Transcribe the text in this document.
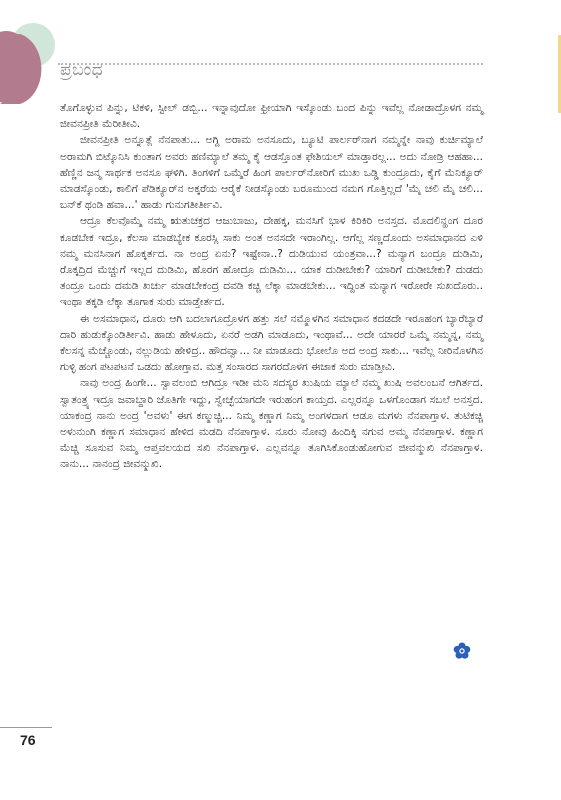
ಪ್ರಬಂಧ

ತೊಗೊಳ್ಳುವ ಪಿನ್ನು, ಟಿಕಳಿ, ಸ್ಟೀಲ್ ಡಬ್ಬಿ... ಇನ್ನಾವುದೋ ಫ್ರೀಯಾಗಿ ಇಸ್ಕೊಂಡು ಬಂದ ಪಿನ್ನು ಇವೆಲ್ಲ ನೋಡಾದ್ರೊಳಗ ನಮ್ಮ ಜೀವನಪ್ರೀತಿ ಮೆರೀತೀವಿ.

ಜೀವನಪ್ರೀತಿ ಅನ್ನೂತ್ಲೆ ನೆನಪಾತು... ಅಗ್ದಿ ಅರಾಮ ಅನಸೂದು, ಬ್ಯೂಟಿ ಪಾರ್ಲರ್‌ನಾಗ ನಮ್ಮನ್ನೇ ನಾವು ಕುರ್ಚಿಮ್ಯಾಲೆ ಅರಾಮಗಿ ಬಿಟ್ಕೊನಿಸಿ ಕುಂತಾಗ ಅವರು ಹಣಿಮ್ಯಾಲೆ ತಮ್ಮ ಕೈ ಆಡಸ್ತೊಂತ ಫೇಶಿಯಲ್ ಮಾಡ್ತಾರಲ್ಲ... ಅದು ನೋಡ್ರಿ ಆಹಹಾ... ಹೆಣ್ಣಿನ ಜನ್ಮ ಸಾರ್ಥಕ ಅನಸೂ ಘಳಿಗಿ. ತಿಂಗಳಿಗೆ ಒಮ್ಮೆರೆ ಹಿಂಗ ಪಾರ್ಲರ್‌ನೋರಿಗೆ ಮುಖ ಒಡ್ಡಿ ಕುಂದ್ರೂದು, ಕೈಗೆ ಮೆನಿಕ್ಯೂರ್ ಮಾಡಸ್ಕೊಂಡು, ಕಾಲಿಗೆ ಪೆಡಿಕ್ಯೂರ್‌ನ ಅಕ್ಕರೆಯ ಆರೈಕೆ ನೀಡಸ್ಕೊಂಡು ಬರೂಮುಂದ ನಮಗ ಗೊತ್ತಿಲ್ಲದೆ 'ಮೈ ಚಲಿ ಮೈ ಚಲಿ... ಬನ್‌ಕೆ ಥಂಡಿ ಹವಾ...' ಹಾಡು ಗುನುಗತೀರ್ತೀವಿ.

ಆದ್ರೂ ಕೆಲವೊಮ್ಮೆ ನಮ್ಮ ಋತುಚಕ್ರದ ಆಜುಬಾಜು, ದೇಹಕ್ಕ, ಮನಸಿಗೆ ಭಾಳ ಕಿರಿಕಿರಿ ಅನಸ್ತದ. ಮೊದಲಿನ್ಹಂಗ ದೂರ ಕೂಡಬೇಕ ಇದ್ರೂ, ಕೆಲಸಾ ಮಾಡಬ್ಯೇಕ ಕೂರಸ್ಲಿ ಸಾಕು ಅಂತ ಅನಸದೇ ಇರಾಂಗಿಲ್ಲ. ಆಗೆಲ್ಲ ಸಣ್ಣದೊಂದು ಅಸಮಾಧಾನದ ಎಳಿ ನಮ್ಮ ಮನಸಿನಾಗ ಹೊಕ್ಕರ್ತದ. ನಾ ಅಂದ್ರ ಏನು? ಇಷ್ಟೇನಾ..? ದುಡಿಯುವ ಯಂತ್ರವಾ...? ಮನ್ಯಾಗ ಬಂದ್ರೂ ದುಡಿಮಿ, ರೊಕ್ಕದ್ರಿದ ಮೆಚ್ಚುಗೆ ಇಲ್ಲದ ದುಡಿಮಿ, ಹೊರಗ ಹೋದ್ರೂ ದುಡಿಮಿ... ಯಾಕ ದುಡೀಬೇಕು? ಯಾರಿಗೆ ದುಡೀಬೇಕು? ದುಡದು ತಂದ್ರೂ ಒಂದು ದಮಡಿ ಖರ್ಚು ಮಾಡಬೇಕಂದ್ರ ದವಡಿ ಕಚ್ಚಿ ಲೆಕ್ಕಾ ಮಾಡಬೇಕು... ಇದ್ದಿಂತ ಮನ್ಯಾಗ ಇರೋರೇ ಸುಖದೊರು.. ಇಂಥಾ ತಕ್ಕಡಿ ಲೆಕ್ಕಾ ತೂಗಾಕ ಸುರು ಮಾಡ್ತೇರ್ತದ.

ಈ ಅಸಮಾಧಾನ, ದೂರು ಆಗಿ ಬದಲಾಗೂದ್ರೊಳಗ ಹತ್ತು ಸಲೆ ನಮ್ಮೊಳಗಿನ ಸಮಾಧಾನ ಕದಡದೇ ಇರೂಹಂಗ ಬ್ಯಾರೆಬ್ಯಾರೆ ದಾರಿ ಹುಡುಕ್ಕೊಂಡಿರ್ತೀವಿ. ಹಾಡು ಹೇಳೂದು, ಏನರೆ ಅಡಗಿ ಮಾಡೂದು, ಇಂಥಾವೆ... ಅದೇ ಯಾರರೆ ಒಮ್ಮೆ ನಮ್ಮನ್ನ, ನಮ್ಮ ಕೆಲಸನ್ನ ಮೆಚ್ಚೊಂಡು, ನಲ್ಲುಡಿಯ ಹೇಳಿದ್ರ.. ಹೌದವ್ವಾ... ನೀ ಮಾಡೂದು ಭೋಲೊ ಅದ ಅಂದ್ರ ಸಾಕು... ಇವೆಲ್ಲ ನೀರಿನೊಳಗಿನ ಗುಳ್ಳಿ ಹಂಗ ಪಟಪಟನೆ ಒಡದು ಹೋಗ್ತಾವ. ಮತ್ತ ಸಂಸಾರದ ಸಾಗರದೊಳಗ ಈಜಾಕ ಸುರು ಮಾಡ್ತೀವಿ.

ನಾವು ಅಂದ್ರ ಹಿಂಗೇ... ಸ್ವಾವಲಂಬಿ ಆಗಿದ್ರೂ ಇಡೀ ಮನಿ ಸದಸ್ಯರ ಖುಷಿಯ ಮ್ಯಾಲೆ ನಮ್ಮ ಖುಷಿ ಅವಲಂಬನೆ ಆಗಿರ್ತದ. ಸ್ವಾತಂತ್ರ್ಯ ಇದ್ರೂ ಜವಾಬ್ದಾರಿ ಜೊತಿಗೇ ಇದ್ದು, ಸ್ವೇಚ್ಛೆಯಾಗದೇ ಇರುಹಂಗ ಕಾಯ್ತದ. ಎಲ್ಲರನ್ನೂ ಒಳಗೊಂಡಾಗ ಸಬಲೆ ಅನಸ್ತದ. ಯಾಕಂದ್ರ ನಾನು ಅಂದ್ರ 'ಅವಳು' ಈಗ ಕಣ್ಮುಚ್ಚಿ... ನಿಮ್ಮ ಕಣ್ಣಾಗ ನಿಮ್ಮ ಅಂಗಳದಾಗ ಆಡೂ ಮಗಳು ನೆನಪಾಗ್ತಾಳ. ತುಟಿಕಚ್ಚಿ ಅಳುನುಂಗಿ ಕಣ್ಣಾಗ ಸಮಾಧಾನ ಹೇಳಿದ ಮಡದಿ ನೆನಪಾಗ್ತಾಳ. ನೂರು ನೋವು ಹಿಂದಿಕ್ಕಿ ನಗುವ ಅಮ್ಮ ನೆನಪಾಗ್ತಾಳ. ಕಣ್ಣಾಗ ಮೆಚ್ಚಿ ಸೂಸುವ ನಿಮ್ಮ ಆಪ್ತವಲಯದ ಸಖಿ ನೆನಪಾಗ್ತಾಳ. ಎಲ್ಲವನ್ನೂ ತೂಗಿಸಿಕೊಂಡುಹೋಗುವ ಜೀವನ್ಮುಖಿ ನೆನಪಾಗ್ತಾಳ. ನಾನು... ನಾನಂದ್ರ ಜೀವನ್ಮುಖಿ.

76
